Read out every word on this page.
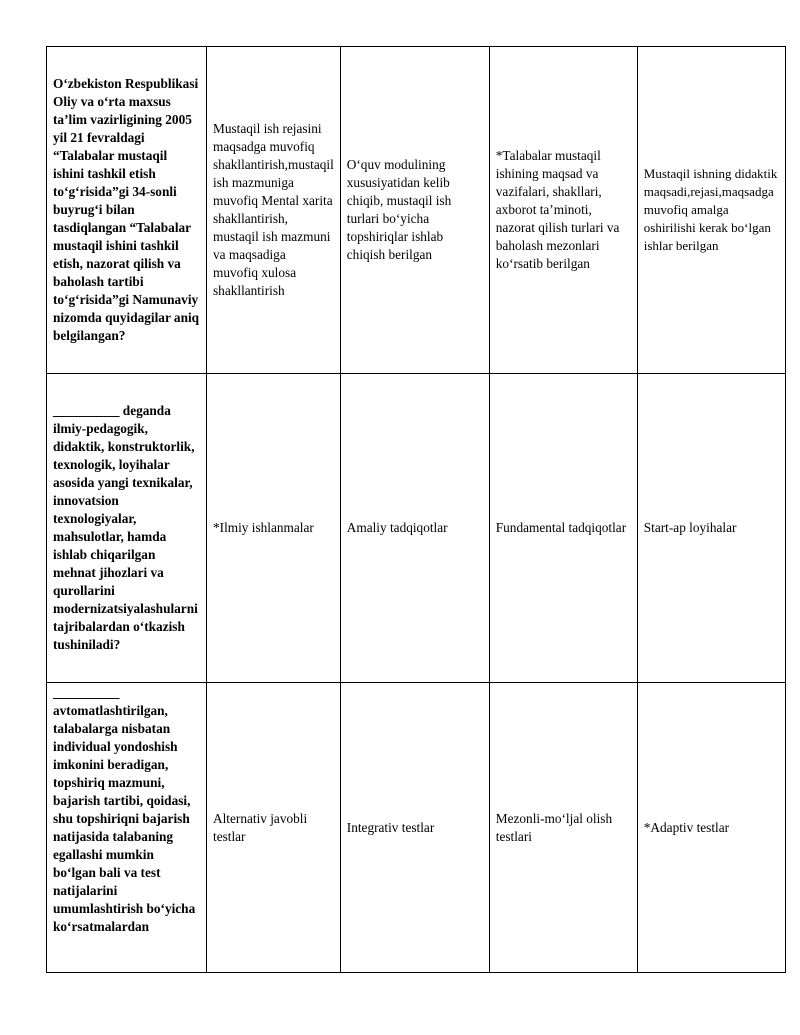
O‘zbekiston Respublikasi Oliy va o‘rta maxsus ta’lim vazirligining 2005 yil 21 fevraldagi “Talabalar mustaqil ishini tashkil etish to‘g‘risida”gi 34-sonli buyrug‘i bilan tasdiqlangan “Talabalar mustaqil ishini tashkil etish, nazorat qilish va baholash tartibi to‘g‘risida”gi Namunaviy nizomda quyidagilar aniq belgilangan?	Mustaqil ish rejasini maqsadga muvofiq shakllantirish,mustaqil ish mazmuniga muvofiq Mental xarita shakllantirish, mustaqil ish mazmuni va maqsadiga muvofiq xulosa shakllantirish	O‘quv modulining xususiyatidan kelib chiqib, mustaqil ish turlari bo‘yicha topshiriqlar ishlab chiqish berilgan	*Talabalar mustaqil ishining maqsad va vazifalari, shakllari, axborot ta’minoti, nazorat qilish turlari va baholash mezonlari ko‘rsatib berilgan	Mustaqil ishning didaktik maqsadi,rejasi,maqsadga muvofiq amalga oshirilishi kerak bo‘lgan ishlar berilgan
__________ deganda ilmiy-pedagogik, didaktik, konstruktorlik, texnologik, loyihalar asosida yangi texnikalar, innovatsion texnologiyalar, mahsulotlar, hamda ishlab chiqarilgan mehnat jihozlari va qurollarini modernizatsiyalashularni tajribalardan o‘tkazish tushiniladi?	*Ilmiy ishlanmalar	Amaliy tadqiqotlar	Fundamental tadqiqotlar	Start-ap loyihalar
__________ avtomatlashtirilgan, talabalarga nisbatan individual yondoshish imkonini beradigan, topshiriq mazmuni, bajarish tartibi, qoidasi, shu topshiriqni bajarish natijasida talabaning egallashi mumkin bo‘lgan bali va test natijalarini umumlashtirish bo‘yicha ko‘rsatmalardan	Alternativ javobli testlar	Integrativ testlar	Mezonli-mo‘ljal olish testlari	*Adaptiv testlar
